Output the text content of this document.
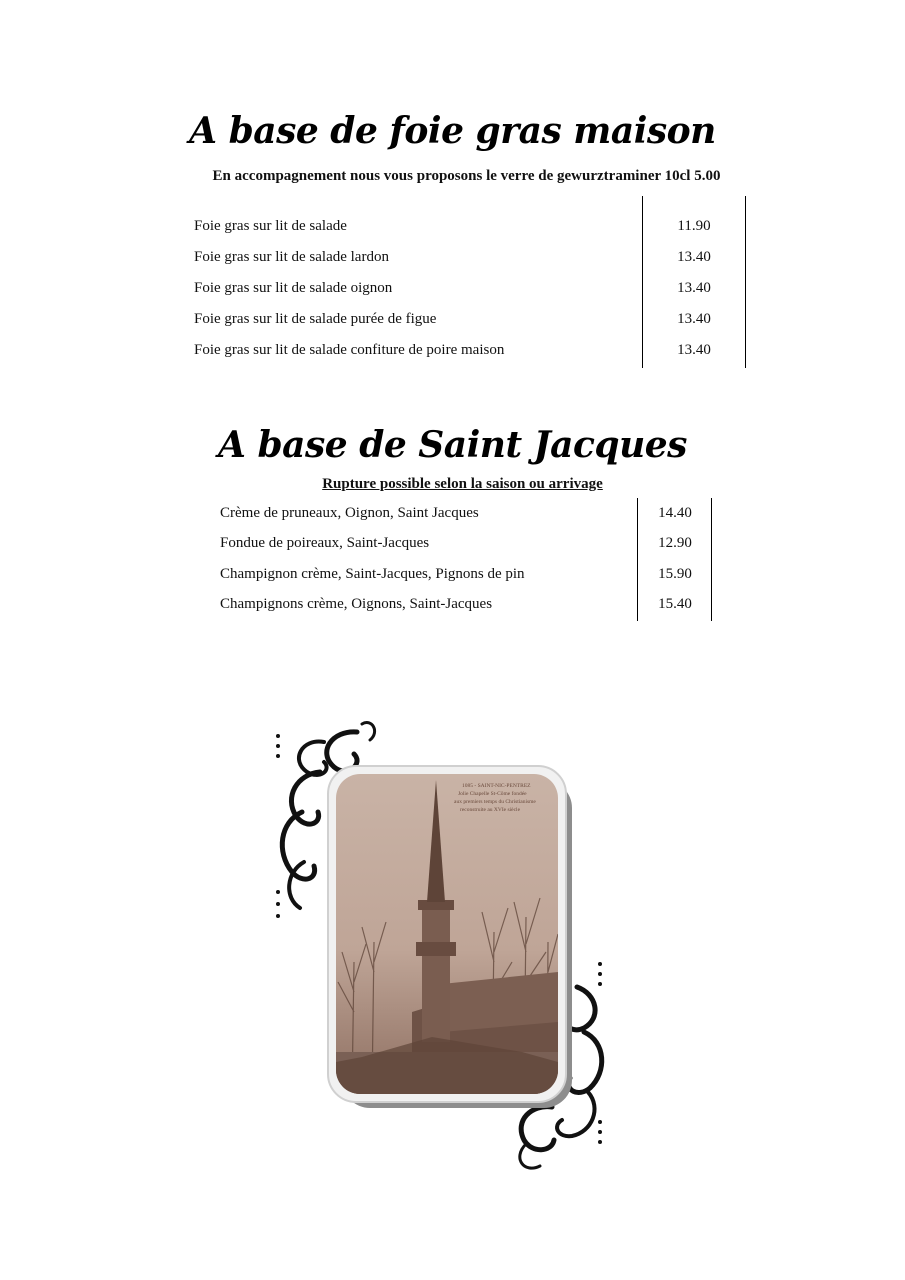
A base de foie gras maison

En accompagnement nous vous proposons le verre de gewurztraminer 10cl 5.00

Foie gras sur lit de salade	11.90
Foie gras sur lit de salade lardon	13.40
Foie gras sur lit de salade oignon	13.40
Foie gras sur lit de salade purée de figue	13.40
Foie gras sur lit de salade confiture de poire maison	13.40
A base de Saint Jacques

Rupture possible selon la saison ou arrivage

Crème de pruneaux, Oignon, Saint Jacques	14.40
Fondue de poireaux, Saint-Jacques	12.90
Champignon crème, Saint-Jacques, Pignons de pin	15.90
Champignons crème, Oignons, Saint-Jacques	15.40
1085 - SAINT-NIC-PENTREZ
Jolie Chapelle St-Côme fondée
aux premiers temps du Christianisme
reconstruite au XVIe siècle
